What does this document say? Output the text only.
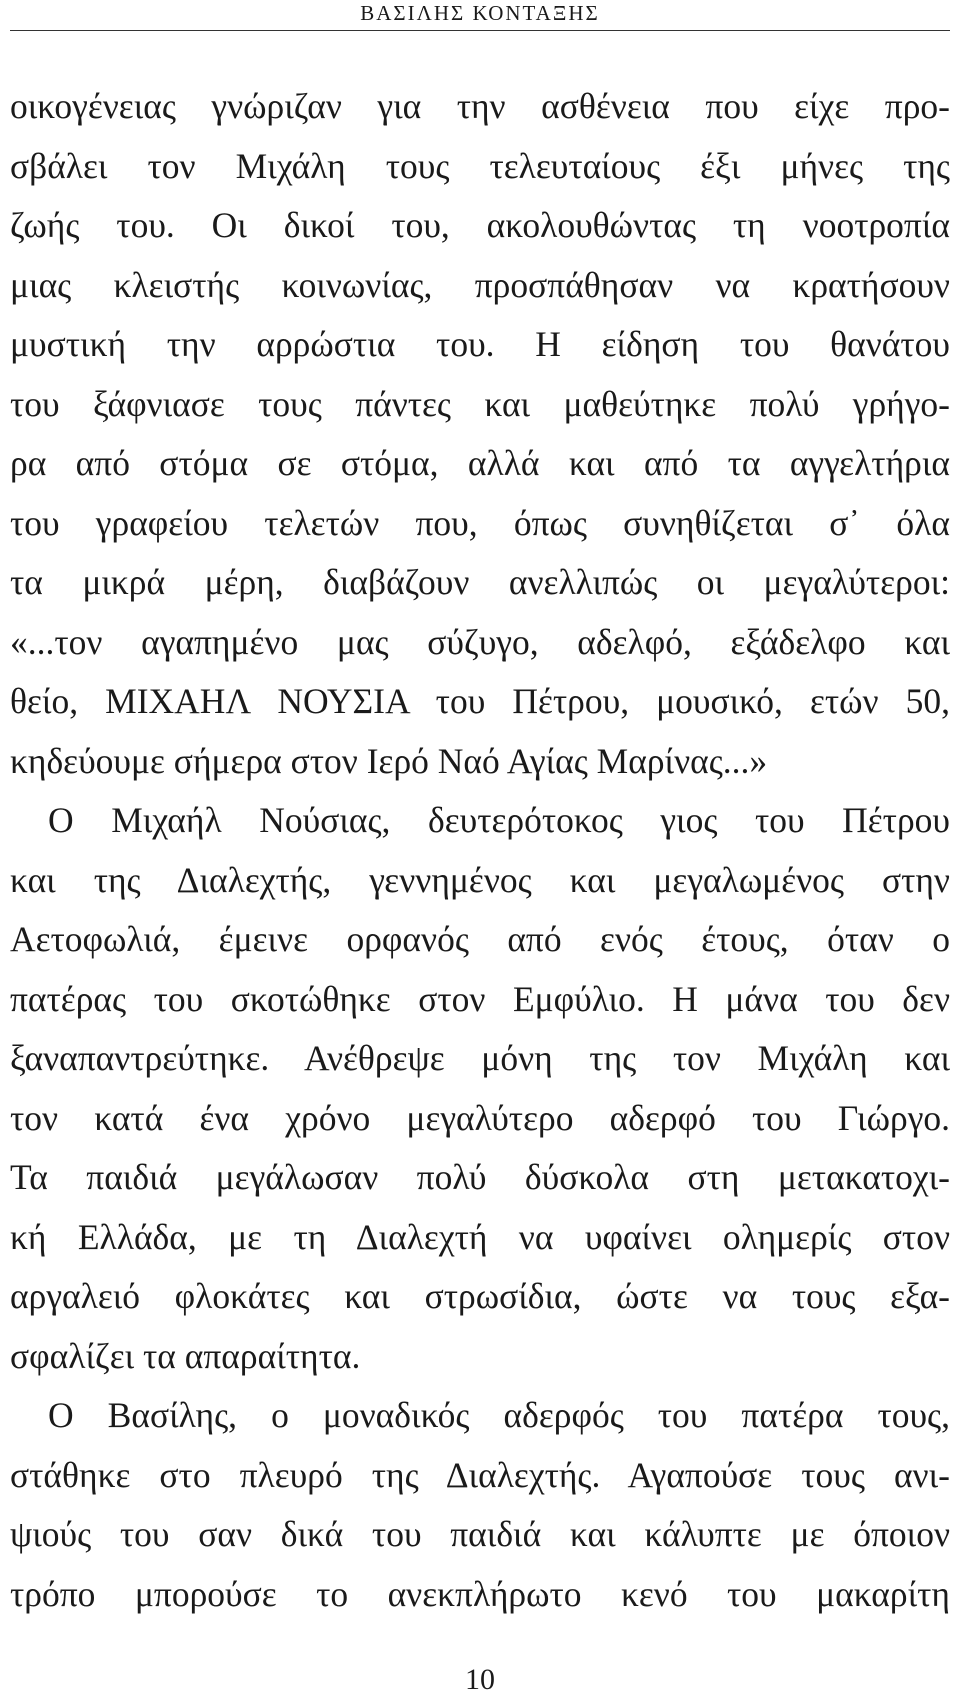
ΒΑΣΙΛΗΣ ΚΟΝΤΑΞΗΣ
οικογένειας γνώριζαν για την ασθένεια που είχε προ-
σβάλει τον Μιχάλη τους τελευταίους έξι μήνες της
ζωής του. Οι δικοί του, ακολουθώντας τη νοοτροπία
μιας κλειστής κοινωνίας, προσπάθησαν να κρατήσουν
μυστική την αρρώστια του. Η είδηση του θανάτου
του ξάφνιασε τους πάντες και μαθεύτηκε πολύ γρήγο-
ρα από στόμα σε στόμα, αλλά και από τα αγγελτήρια
του γραφείου τελετών που, όπως συνηθίζεται σ᾽ όλα
τα μικρά μέρη, διαβάζουν ανελλιπώς οι μεγαλύτεροι:
«...τον αγαπημένο μας σύζυγο, αδελφό, εξάδελφο και
θείο, ΜΙΧΑΗΛ ΝΟΥΣΙΑ του Πέτρου, μουσικό, ετών 50,
κηδεύουμε σήμερα στον Ιερό Ναό Αγίας Μαρίνας...»
Ο Μιχαήλ Νούσιας, δευτερότοκος γιος του Πέτρου
και της Διαλεχτής, γεννημένος και μεγαλωμένος στην
Αετοφωλιά, έμεινε ορφανός από ενός έτους, όταν ο
πατέρας του σκοτώθηκε στον Εμφύλιο. Η μάνα του δεν
ξαναπαντρεύτηκε. Ανέθρεψε μόνη της τον Μιχάλη και
τον κατά ένα χρόνο μεγαλύτερο αδερφό του Γιώργο.
Τα παιδιά μεγάλωσαν πολύ δύσκολα στη μετακατοχι-
κή Ελλάδα, με τη Διαλεχτή να υφαίνει ολημερίς στον
αργαλειό φλοκάτες και στρωσίδια, ώστε να τους εξα-
σφαλίζει τα απαραίτητα.
Ο Βασίλης, ο μοναδικός αδερφός του πατέρα τους,
στάθηκε στο πλευρό της Διαλεχτής. Αγαπούσε τους ανι-
ψιούς του σαν δικά του παιδιά και κάλυπτε με όποιον
τρόπο μπορούσε το ανεκπλήρωτο κενό του μακαρίτη
10
